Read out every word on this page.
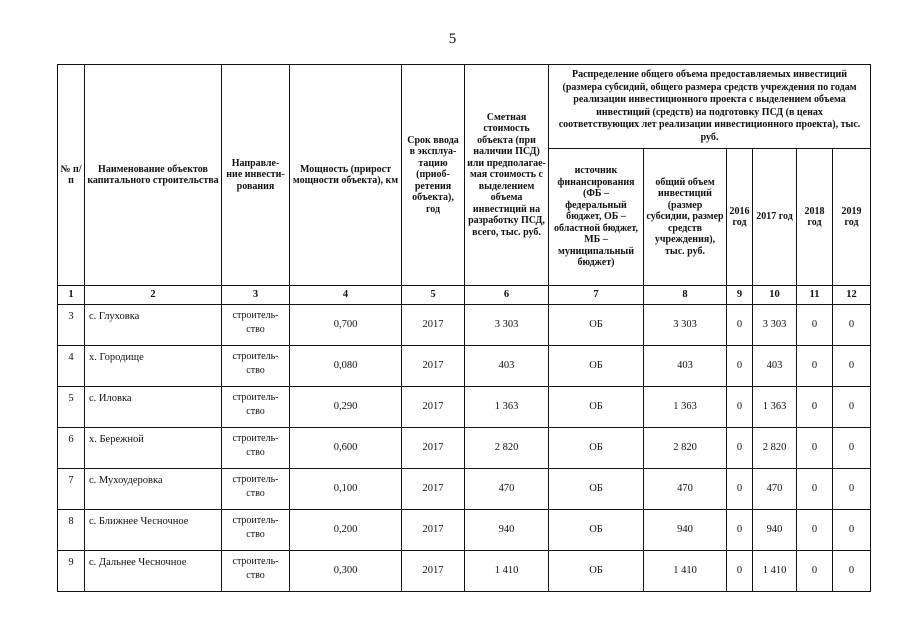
5
№ п/п	Наименование объектов капитального строительства	Направле-ние инвести-рования	Мощность (прирост мощности объекта), км	Срок ввода в эксплуа-тацию (приоб-ретения объекта), год	Сметная стоимость объекта (при наличии ПСД) или предполагае-мая стоимость с выделением объема инвестиций на разработку ПСД, всего, тыс. руб.	Распределение общего объема предоставляемых инвестиций (размера субсидий, общего размера средств учреждения по годам реализации инвестиционного проекта с выделением объема инвестиций (средств) на подготовку ПСД (в ценах соответствующих лет реализации инвестиционного проекта), тыс. руб.					
						источник финансирования (ФБ – федеральный бюджет, ОБ – областной бюджет, МБ – муниципальный бюджет)	общий объем инвестиций (размер субсидии, размер средств учреждения), тыс. руб.	2016 год	2017 год	2018 год	2019 год
1	2	3	4	5	6	7	8	9	10	11	12
3	с. Глуховка	строитель-ство	0,700	2017	3 303	ОБ	3 303	0	3 303	0	0
4	х. Городище	строитель-ство	0,080	2017	403	ОБ	403	0	403	0	0
5	с. Иловка	строитель-ство	0,290	2017	1 363	ОБ	1 363	0	1 363	0	0
6	х. Бережной	строитель-ство	0,600	2017	2 820	ОБ	2 820	0	2 820	0	0
7	с. Мухоудеровка	строитель-ство	0,100	2017	470	ОБ	470	0	470	0	0
8	с. Ближнее Чесночное	строитель-ство	0,200	2017	940	ОБ	940	0	940	0	0
9	с. Дальнее Чесночное	строитель-ство	0,300	2017	1 410	ОБ	1 410	0	1 410	0	0
